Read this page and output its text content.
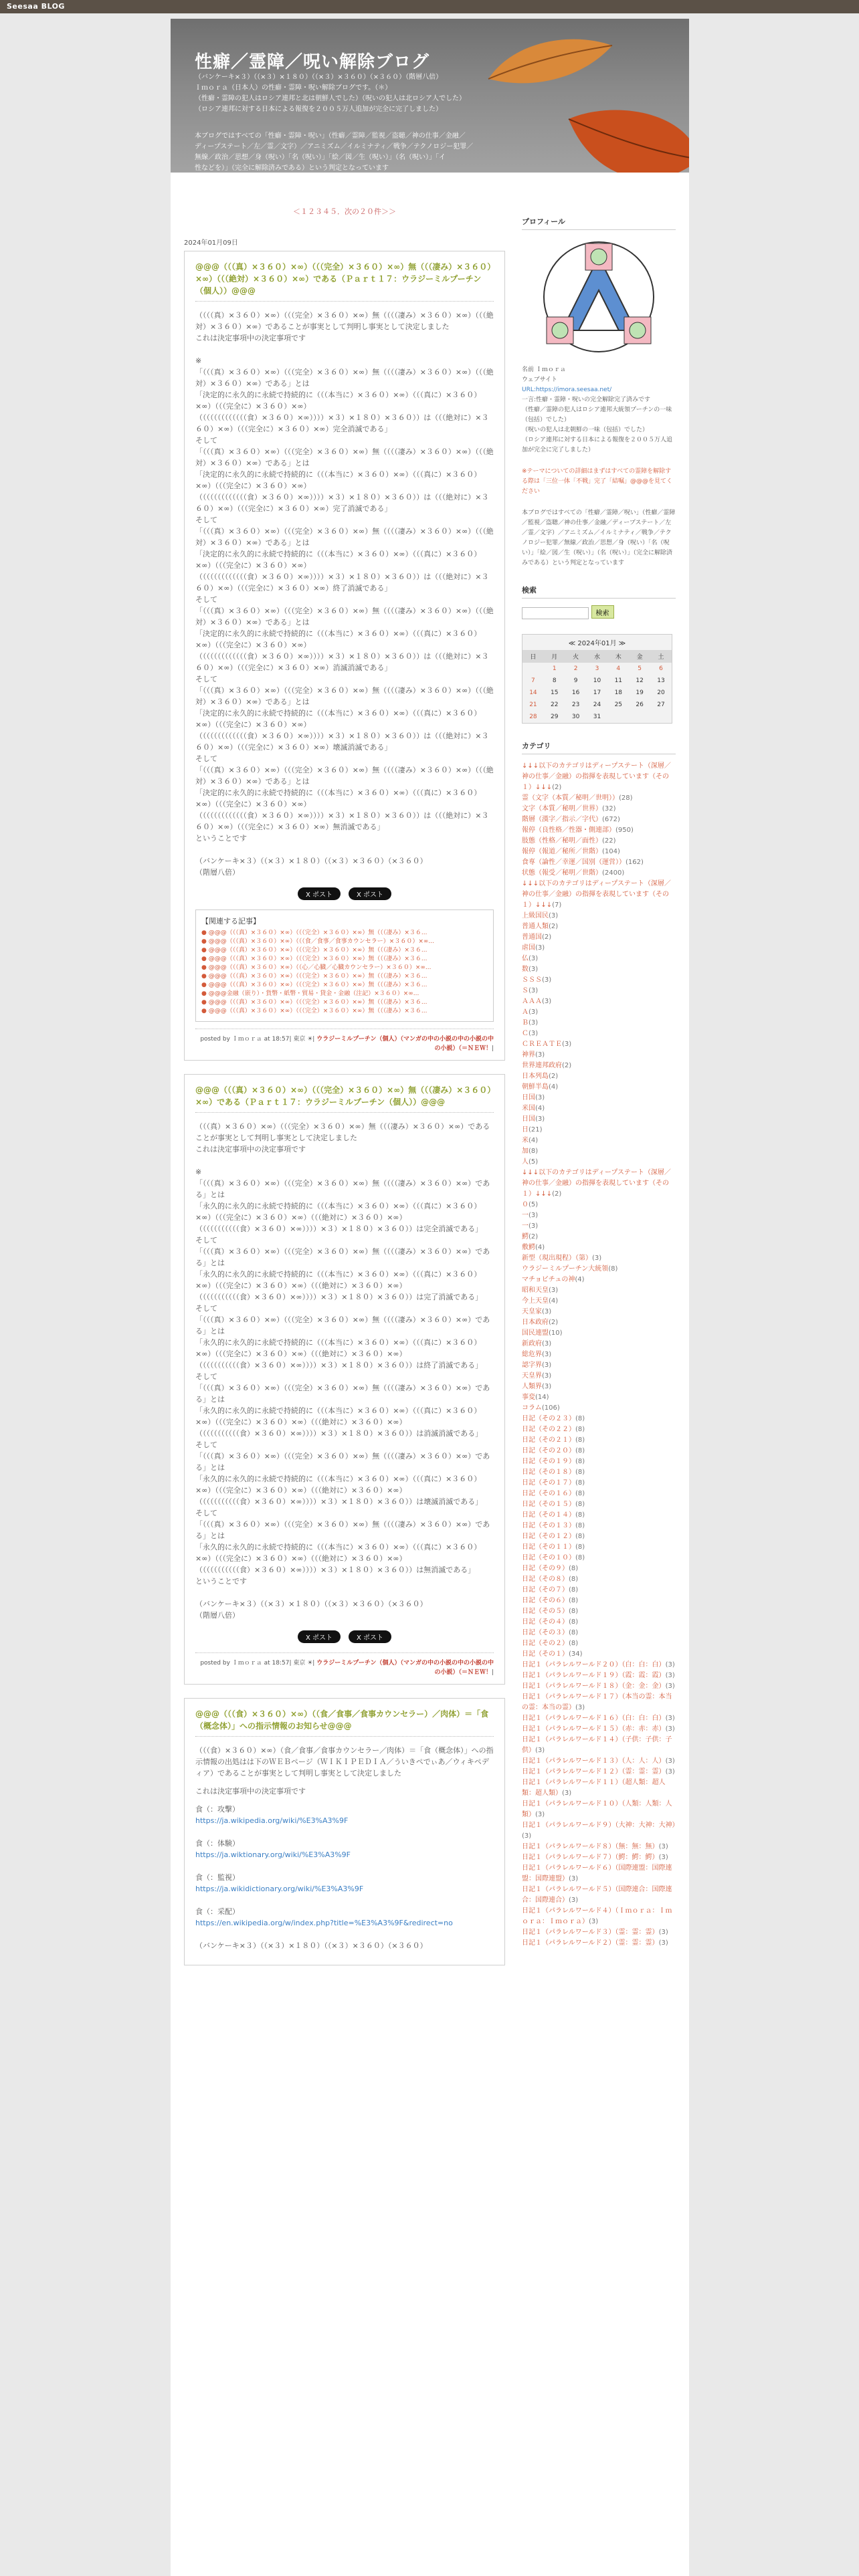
Seesaa BLOG
性癖／霊障／呪い解除ブログ
（バンケーキ×３）（（×３）×１８０）（（×３）×３６０）（×３６０）（階層八倍）
Ｉｍｏｒａ（日本人）の性癖・霊障・呪い解除ブログです。（＊）
（性癖・霊障の犯人はロシア連邦と北は朝鮮人でした）（呪いの犯人は北ロシア人でした）
（ロシア連邦に対する日本による報復を２００５万人追加が完全に完了しました）
本ブログではすべての「性癖・霊障・呪い」（性癖／霊障／監視／盗聴／神の仕事／金融／
ディープステート／左／霊／文字）／アニミズム／イルミナティ／戦争／テクノロジー犯罪／
無線／政治／思想／身（呪い）「名（呪い）」「絵／図／生（呪い）」（名（呪い）」「イ
性などを）」（完全に解除済みである）という判定となっています
＜１２３４５．次の２０件＞＞
2024年01月09日
@@@（（（真）×３６０）×∞）（（（完全）×３６０）×∞）無（（（凄み）×３６０）×∞）（（（絶対）×３６０）×∞）である（Ｐａｒｔ１７：ウラジーミルプーチン（個人））@@@
（（（（真）×３６０）×∞）（（（完全）×３６０）×∞）無（（（（凄み）×３６０）×∞）（（（絶対）×３６０）×∞）であることが事実として判明し事実として決定しました
これは決定事項中の決定事項です
※
「（（（真）×３６０）×∞）（（（完全）×３６０）×∞）無（（（（凄み）×３６０）×∞）（（（絶対）×３６０）×∞）である」とは
「決定的に永久的に永続で持続的に（（（本当に）×３６０）×∞）（（（真に）×３６０）×∞）（（（完全に）×３６０）×∞）
（（（（（（（（（（（（（食）×３６０）×∞））））×３）×１８０）×３６０））は（（（絶対に）×３６０）×∞）（（（完全に）×３６０）×∞）完全消滅である」
そして
「（（（真）×３６０）×∞）（（（完全）×３６０）×∞）無（（（（凄み）×３６０）×∞）（（（絶対）×３６０）×∞）である」とは
「決定的に永久的に永続で持続的に（（（本当に）×３６０）×∞）（（（真に）×３６０）×∞）（（（完全に）×３６０）×∞）
（（（（（（（（（（（（（食）×３６０）×∞））））×３）×１８０）×３６０））は（（（絶対に）×３６０）×∞）（（（完全に）×３６０）×∞）完了消滅である」
そして
「（（（真）×３６０）×∞）（（（完全）×３６０）×∞）無（（（（凄み）×３６０）×∞）（（（絶対）×３６０）×∞）である」とは
「決定的に永久的に永続で持続的に（（（本当に）×３６０）×∞）（（（真に）×３６０）×∞）（（（完全に）×３６０）×∞）
（（（（（（（（（（（（（食）×３６０）×∞））））×３）×１８０）×３６０））は（（（絶対に）×３６０）×∞）（（（完全に）×３６０）×∞）終了消滅である」
そして
「（（（真）×３６０）×∞）（（（完全）×３６０）×∞）無（（（（凄み）×３６０）×∞）（（（絶対）×３６０）×∞）である」とは
「決定的に永久的に永続で持続的に（（（本当に）×３６０）×∞）（（（真に）×３６０）×∞）（（（完全に）×３６０）×∞）
（（（（（（（（（（（（（食）×３６０）×∞））））×３）×１８０）×３６０））は（（（絶対に）×３６０）×∞）（（（完全に）×３６０）×∞）消滅消滅である」
そして
「（（（真）×３６０）×∞）（（（完全）×３６０）×∞）無（（（（凄み）×３６０）×∞）（（（絶対）×３６０）×∞）である」とは
「決定的に永久的に永続で持続的に（（（本当に）×３６０）×∞）（（（真に）×３６０）×∞）（（（完全に）×３６０）×∞）
（（（（（（（（（（（（（食）×３６０）×∞））））×３）×１８０）×３６０））は（（（絶対に）×３６０）×∞）（（（完全に）×３６０）×∞）壊滅消滅である」
そして
「（（（真）×３６０）×∞）（（（完全）×３６０）×∞）無（（（（凄み）×３６０）×∞）（（（絶対）×３６０）×∞）である」とは
「決定的に永久的に永続で持続的に（（（本当に）×３６０）×∞）（（（真に）×３６０）×∞）（（（完全に）×３６０）×∞）
（（（（（（（（（（（（（食）×３６０）×∞））））×３）×１８０）×３６０））は（（（絶対に）×３６０）×∞）（（（完全に）×３６０）×∞）無消滅である」
ということです
（バンケーキ×３）（（×３）×１８０）（（×３）×３６０）（×３６０）
（階層八倍）
X ポスト	X ポスト
【関連する記事】
● @@@（（（真）×３６０）×∞）（（（完全）×３６０）×∞）無（（（凄み）×３６...
● @@@（（（真）×３６０）×∞）（（（食／食事／食事カウンセラー）×３６０）×∞...
● @@@（（（真）×３６０）×∞）（（（完全）×３６０）×∞）無（（（凄み）×３６...
● @@@（（（真）×３６０）×∞）（（（完全）×３６０）×∞）無（（（凄み）×３６...
● @@@（（（真）×３６０）×∞）（（心／心臓／心臓カウンセラー）×３６０）×∞...
● @@@（（（真）×３６０）×∞）（（（完全）×３６０）×∞）無（（（凄み）×３６...
● @@@（（（真）×３６０）×∞）（（（完全）×３６０）×∞）無（（（凄み）×３６...
● @@@金融（嵌り）・貨幣・紙幣・貿易・貸金・金融（注記）×３６０）×∞...
● @@@（（（真）×３６０）×∞）（（（完全）×３６０）×∞）無（（（凄み）×３６...
● @@@（（（真）×３６０）×∞）（（（完全）×３６０）×∞）無（（（凄み）×３６...
posted by Ｉｍｏｒａ at 18:57| 東京 ☀| ウラジーミルプーチン（個人）（マンガの中の小説の中の小説の中の小説）（＝ＮＥＷ！|
@@@（（（真）×３６０）×∞）（（（完全）×３６０）×∞）無（（（凄み）×３６０）×∞）である（Ｐａｒｔ１７：ウラジーミルプーチン（個人））@@@
（（（真）×３６０）×∞）（（（完全）×３６０）×∞）無（（（凄み）×３６０）×∞）であることが事実として判明し事実として決定しました
これは決定事項中の決定事項です
※
「（（（真）×３６０）×∞）（（（完全）×３６０）×∞）無（（（（凄み）×３６０）×∞）である」とは
「永久的に永久的に永続で持続的に（（（本当に）×３６０）×∞）（（（真に）×３６０）×∞）（（（完全に）×３６０）×∞）（（（絶対に）×３６０）×∞）
（（（（（（（（（（（食）×３６０）×∞））））×３）×１８０）×３６０））は完全消滅である」
そして
「（（（真）×３６０）×∞）（（（完全）×３６０）×∞）無（（（（凄み）×３６０）×∞）である」とは
「永久的に永久的に永続で持続的に（（（本当に）×３６０）×∞）（（（真に）×３６０）×∞）（（（完全に）×３６０）×∞）（（（絶対に）×３６０）×∞）
（（（（（（（（（（（食）×３６０）×∞））））×３）×１８０）×３６０））は完了消滅である」
そして
「（（（真）×３６０）×∞）（（（完全）×３６０）×∞）無（（（（凄み）×３６０）×∞）である」とは
「永久的に永久的に永続で持続的に（（（本当に）×３６０）×∞）（（（真に）×３６０）×∞）（（（完全に）×３６０）×∞）（（（絶対に）×３６０）×∞）
（（（（（（（（（（（食）×３６０）×∞））））×３）×１８０）×３６０））は終了消滅である」
そして
「（（（真）×３６０）×∞）（（（完全）×３６０）×∞）無（（（（凄み）×３６０）×∞）である」とは
「永久的に永久的に永続で持続的に（（（本当に）×３６０）×∞）（（（真に）×３６０）×∞）（（（完全に）×３６０）×∞）（（（絶対に）×３６０）×∞）
（（（（（（（（（（（食）×３６０）×∞））））×３）×１８０）×３６０））は消滅消滅である」
そして
「（（（真）×３６０）×∞）（（（完全）×３６０）×∞）無（（（（凄み）×３６０）×∞）である」とは
「永久的に永久的に永続で持続的に（（（本当に）×３６０）×∞）（（（真に）×３６０）×∞）（（（完全に）×３６０）×∞）（（（絶対に）×３６０）×∞）
（（（（（（（（（（（食）×３６０）×∞））））×３）×１８０）×３６０））は壊滅消滅である」
そして
「（（（真）×３６０）×∞）（（（完全）×３６０）×∞）無（（（（凄み）×３６０）×∞）である」とは
「永久的に永久的に永続で持続的に（（（本当に）×３６０）×∞）（（（真に）×３６０）×∞）（（（完全に）×３６０）×∞）（（（絶対に）×３６０）×∞）
（（（（（（（（（（（食）×３６０）×∞））））×３）×１８０）×３６０））は無消滅である」
ということです
（バンケーキ×３）（（×３）×１８０）（（×３）×３６０）（×３６０）
（階層八倍）
X ポスト	X ポスト
posted by Ｉｍｏｒａ at 18:57| 東京 ☀| ウラジーミルプーチン（個人）（マンガの中の小説の中の小説の中の小説）（＝ＮＥＷ！|
@@@（（（食）×３６０）×∞）（（食／食事／食事カウンセラー）／肉体）＝「食（概念体）」への指示情報のお知らせ@@@

（（（食）×３６０）×∞）（食／食事／食事カウンセラー／肉体）＝「食（概念体）」への指示情報の出処はは下のＷＥＢページ（ＷＩＫＩＰＥＤＩＡ／ういきペでぃあ／ウィキペディア）であることが事実として判明し事実として決定しました

これは決定事項中の決定事項です

食（：攻撃）
https://ja.wikipedia.org/wiki/%E3%A3%9F
食（：体験）
https://ja.wiktionary.org/wiki/%E3%A3%9F
食（：監視）
https://ja.wikidictionary.org/wiki/%E3%A3%9F
食（：采配）
https://en.wikipedia.org/w/index.php?title=%E3%A3%9F&redirect=no

（バンケーキ×３）（（×３）×１８０）（（×３）×３６０）（×３６０）

プロフィール
名前 Ｉｍｏｒａ
ウェブサイト
URL:https://imora.seesaa.net/
一言:性癖・霊障・呪いの完全解除完了済みです
（性癖／霊障の犯人はロシア連邦大統領プーチンの一味（包括）でした）
（呪いの犯人は北朝鮮の一味（包括）でした）
（ロシア連邦に対する日本による報復を２００５万人追加が完全に完了しました）
※テーマについての詳細はまずはすべての霊障を解除する際は「三位一体「不戦」完了「結嘱」@@@を見てください
本ブログではすべての「性癖／霊障／呪い」（性癖／霊障／監視／盗聴／神の仕事／金融／ディープステート／左／霊／文字）／アニミズム／イルミナティ／戦争／テクノロジー犯罪／無線／政治／思想／身（呪い）「名（呪い）」「絵／図／生（呪い）」（名（呪い）」（完全に解除済みである）という判定となっています
検索
検索
≪ 2024年01月 ≫
日	月	火	水	木	金	土
	1	2	3	4	5	6
7	8	9	10	11	12	13
14	15	16	17	18	19	20
21	22	23	24	25	26	27
28	29	30	31			
カテゴリ
↓↓↓以下のカテゴリはディープステート（深層／神の仕事／金融）の指揮を表現しています（その１）↓↓↓(2)
霊（文字（本質／秘明／世明））(28)
文字（本質／秘明／世界）(32)
階層（漢字／指示／字代）(672)
報停（良性格／性器・側連部）(950)
肢態（性格／秘明／面性）(22)
報停（報道／秘所／世階）(104)
食専（論性／幸運／国別（運営））(162)
状態（報受／秘明／世階）(2400)
↓↓↓以下のカテゴリはディープステート（深層／神の仕事／金融）の指揮を表現しています（その１）↓↓↓(7)
上級国民(3)
普通人類(2)
普通国(2)
虐国(3)
仏(3)
数(3)
ＳＳＳ(3)
Ｓ(3)
ＡＡＡ(3)
Ａ(3)
Ｂ(3)
Ｃ(3)
ＣＲＥＡＴＥ(3)
神界(3)
世界連邦政府(2)
日本列島(2)
朝鮮半島(4)
日国(3)
米国(4)
日国(3)
日(21)
米(4)
加(8)
人(5)
↓↓↓以下のカテゴリはディープステート（深層／神の仕事／金融）の指揮を表現しています（その１）↓↓↓(2)
０(5)
一(3)
一(3)
鰐(2)
敷鰐(4)
新型（現出現程）（第）(3)
ウラジーミルプーチン大統領(8)
マチョビチュの神(4)
昭和天皇(3)
今上天皇(4)
天皇家(3)
日本政府(2)
国民連盟(10)
新政府(3)
総危界(3)
認字界(3)
天皇界(3)
人類界(3)
事変(14)
コラム(106)
日記（その２３）(8)
日記（その２２）(8)
日記（その２１）(8)
日記（その２０）(8)
日記（その１９）(8)
日記（その１８）(8)
日記（その１７）(8)
日記（その１６）(8)
日記（その１５）(8)
日記（その１４）(8)
日記（その１３）(8)
日記（その１２）(8)
日記（その１１）(8)
日記（その１０）(8)
日記（その９）(8)
日記（その８）(8)
日記（その７）(8)
日記（その６）(8)
日記（その５）(8)
日記（その４）(8)
日記（その３）(8)
日記（その２）(8)
日記（その１）(34)
日記１（パラレルワールド２０）（白：白：白）(3)
日記１（パラレルワールド１９）（霞：霞：霞）(3)
日記１（パラレルワールド１８）（金：金：金）(3)
日記１（パラレルワールド１７）（本当の霊：本当の霊：本当の霊）(3)
日記１（パラレルワールド１６）（白：白：白）(3)
日記１（パラレルワールド１５）（赤：赤：赤）(3)
日記１（パラレルワールド１４）（子供：子供：子供）(3)
日記１（パラレルワールド１３）（人：人：人）(3)
日記１（パラレルワールド１２）（霊：霊：霊）(3)
日記１（パラレルワールド１１）（超人類：超人類：超人類）(3)
日記１（パラレルワールド１０）（人類：人類：人類）(3)
日記１（パラレルワールド９）（大神：大神：大神）(3)
日記１（パラレルワールド８）（無：無：無）(3)
日記１（パラレルワールド７）（鰐：鰐：鰐）(3)
日記１（パラレルワールド６）（国際連盟：国際連盟：国際連盟）(3)
日記１（パラレルワールド５）（国際連合：国際連合：国際連合）(3)
日記１（パラレルワールド４）（Ｉｍｏｒａ：Ｉｍｏｒａ：Ｉｍｏｒａ）(3)
日記１（パラレルワールド３）（霊：霊：霊）(3)
日記１（パラレルワールド２）（霊：霊：霊）(3)
